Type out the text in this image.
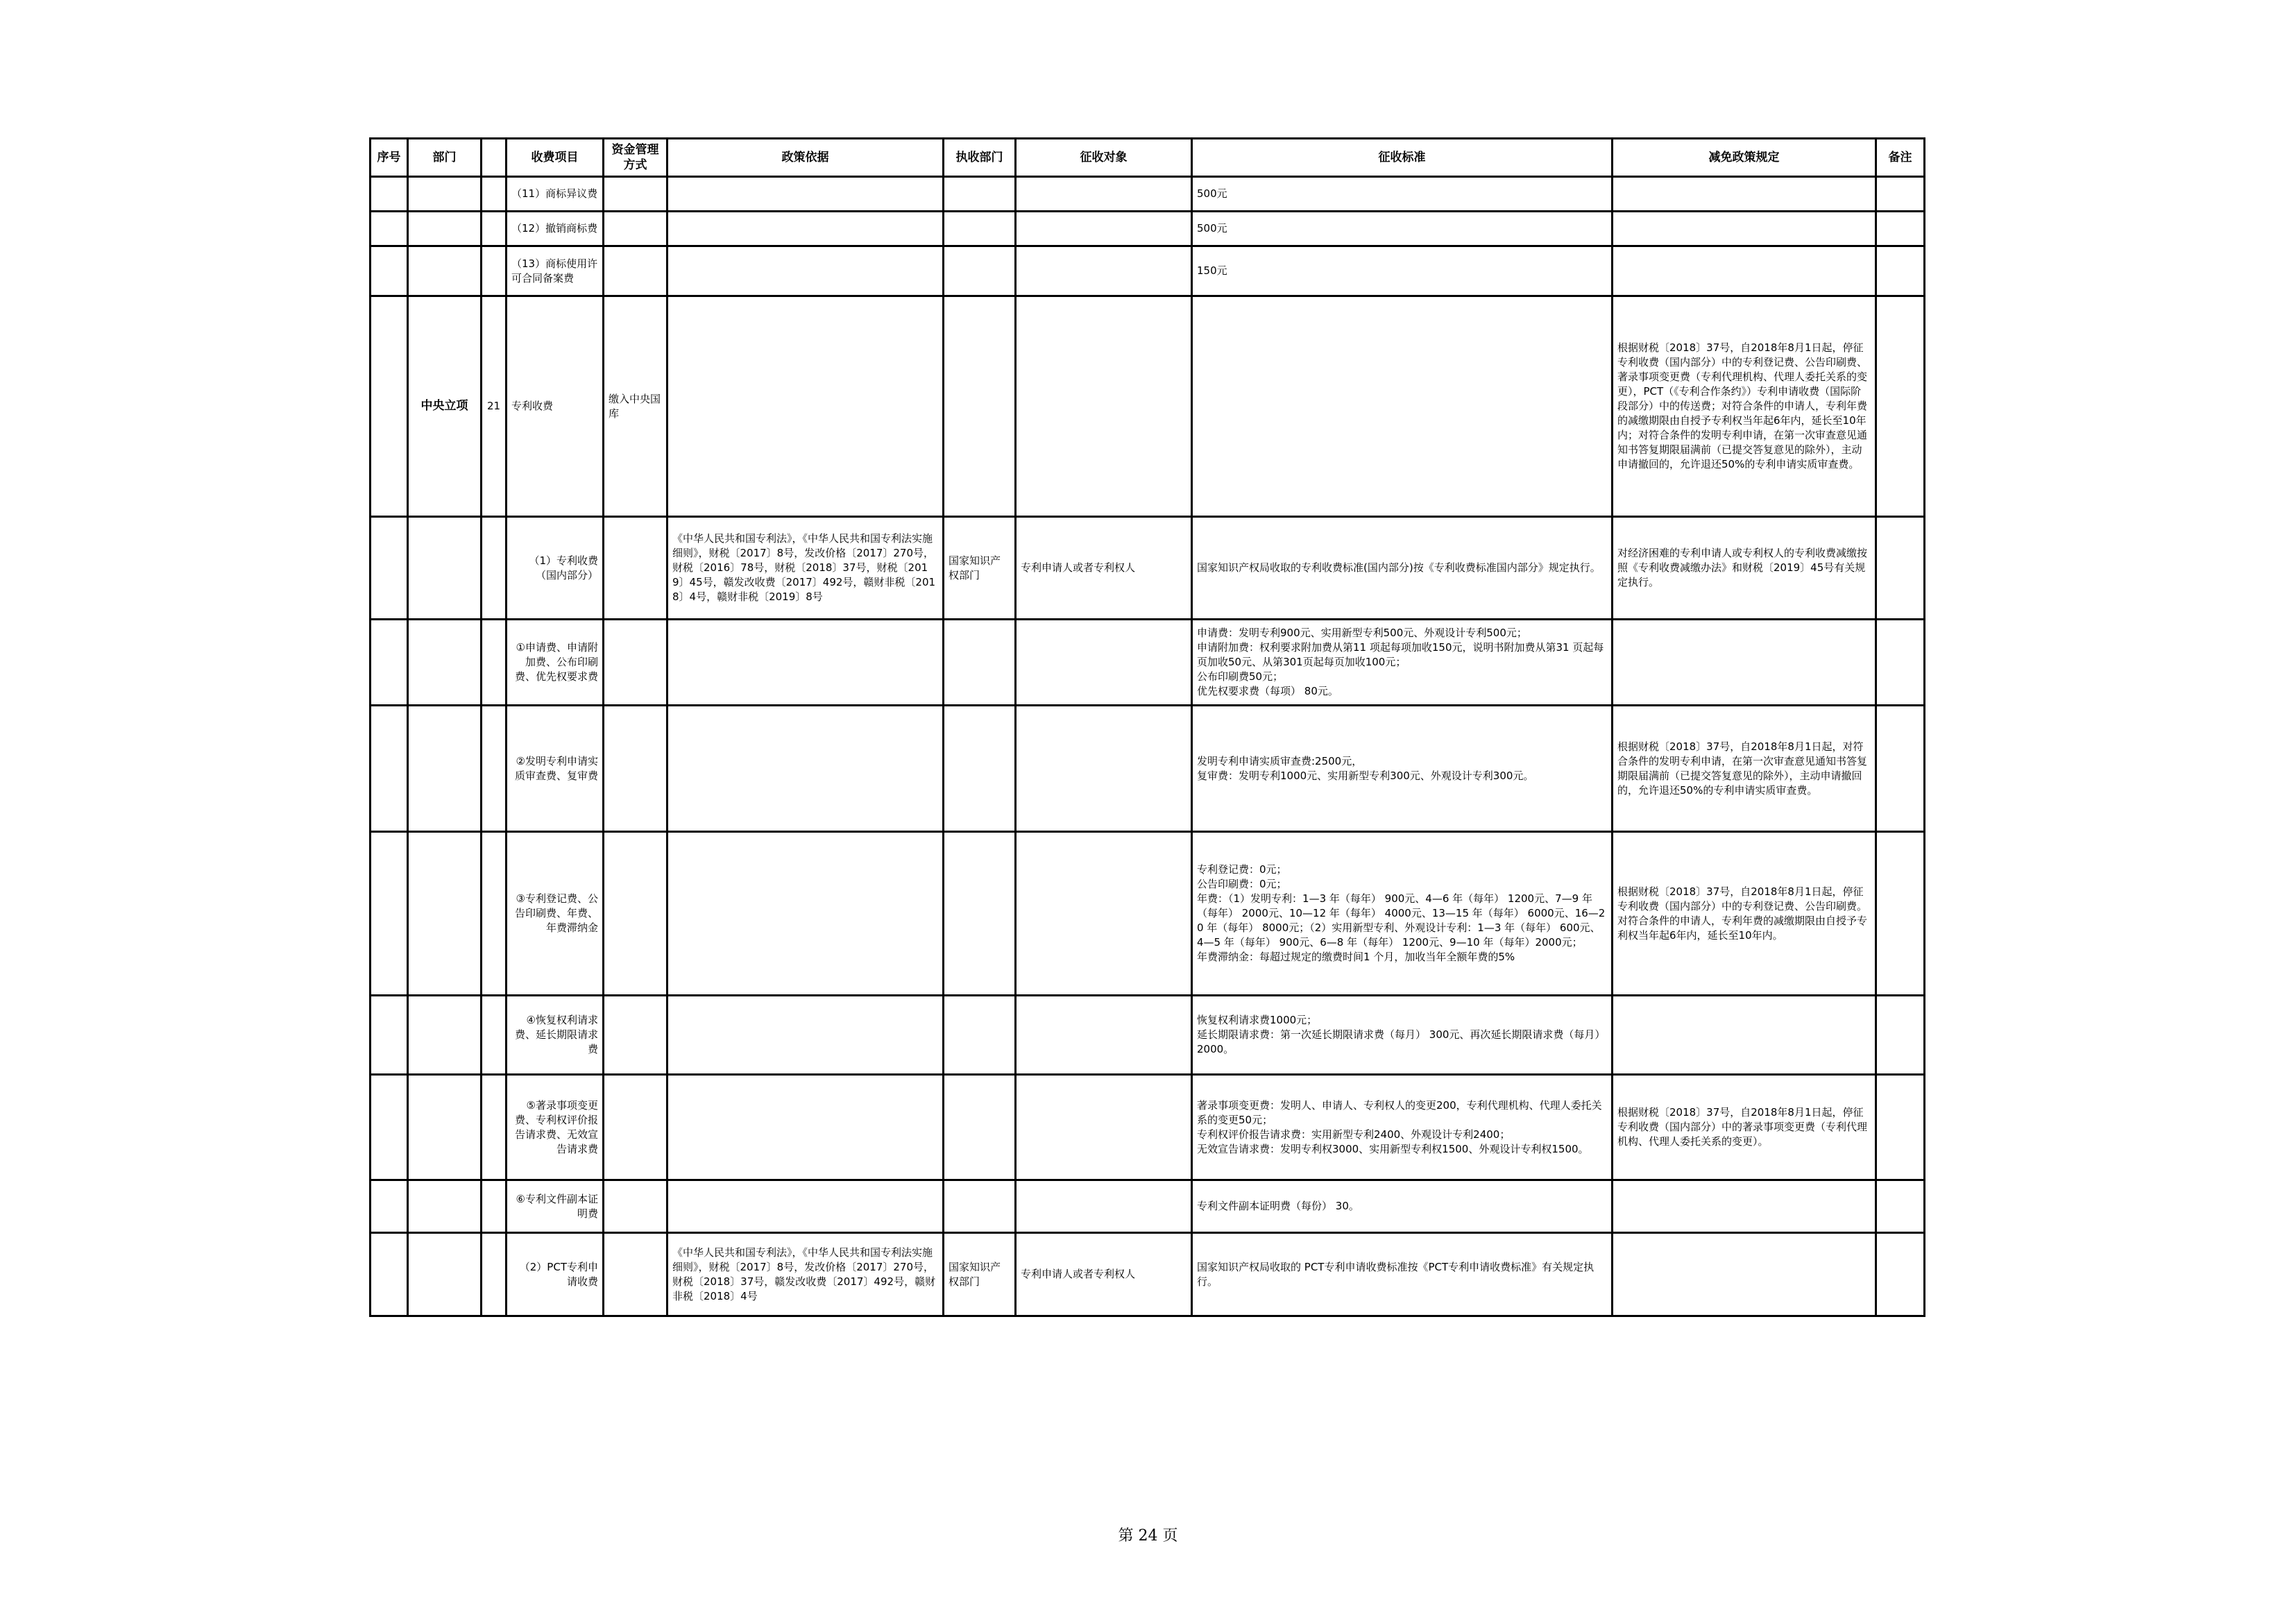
序号	部门		收费项目	资金管理方式	政策依据	执收部门	征收对象	征收标准	减免政策规定	备注
			（11）商标异议费					500元		
			（12）撤销商标费					500元		
			（13）商标使用许可合同备案费					150元		
	中央立项	21	专利收费	缴入中央国库					根据财税〔2018〕37号，自2018年8月1日起，停征专利收费（国内部分）中的专利登记费、公告印刷费、著录事项变更费（专利代理机构、代理人委托关系的变更），PCT（《专利合作条约》）专利申请收费（国际阶段部分）中的传送费；对符合条件的申请人，专利年费的减缴期限由自授予专利权当年起6年内，延长至10年内；对符合条件的发明专利申请，在第一次审查意见通知书答复期限届满前（已提交答复意见的除外），主动申请撤回的，允许退还50%的专利申请实质审查费。	
			（1）专利收费（国内部分）		《中华人民共和国专利法》，《中华人民共和国专利法实施细则》，财税〔2017〕8号，发改价格〔2017〕270号，财税〔2016〕78号，财税〔2018〕37号，财税〔2019〕45号，赣发改收费〔2017〕492号，赣财非税〔2018〕4号，赣财非税〔2019〕8号	国家知识产权部门	专利申请人或者专利权人	国家知识产权局收取的专利收费标准(国内部分)按《专利收费标准国内部分》规定执行。	对经济困难的专利申请人或专利权人的专利收费减缴按照《专利收费减缴办法》和财税〔2019〕45号有关规定执行。	
			①申请费、申请附加费、公布印刷费、优先权要求费					申请费：发明专利900元、实用新型专利500元、外观设计专利500元；
申请附加费：权利要求附加费从第11 项起每项加收150元，说明书附加费从第31 页起每页加收50元、从第301页起每页加收100元；
公布印刷费50元；
优先权要求费（每项） 80元。		
			②发明专利申请实质审查费、复审费					发明专利申请实质审查费:2500元，
复审费：发明专利1000元、实用新型专利300元、外观设计专利300元。	根据财税〔2018〕37号，自2018年8月1日起，对符合条件的发明专利申请，在第一次审查意见通知书答复期限届满前（已提交答复意见的除外），主动申请撤回的，允许退还50%的专利申请实质审查费。	
			③专利登记费、公告印刷费、年费、年费滞纳金					专利登记费：0元；
公告印刷费：0元；
年费：（1）发明专利：1—3 年（每年） 900元、4—6 年（每年） 1200元、7—9 年（每年） 2000元、10—12 年（每年） 4000元、13—15 年（每年） 6000元、16—20 年（每年） 8000元；（2）实用新型专利、外观设计专利：1—3 年（每年） 600元、4—5 年（每年） 900元、6—8 年（每年） 1200元、9—10 年（每年）2000元；
年费滞纳金：每超过规定的缴费时间1 个月，加收当年全额年费的5%	根据财税〔2018〕37号，自2018年8月1日起，停征专利收费（国内部分）中的专利登记费、公告印刷费。对符合条件的申请人，专利年费的减缴期限由自授予专利权当年起6年内，延长至10年内。	
			④恢复权利请求费、延长期限请求费					恢复权利请求费1000元；
延长期限请求费：第一次延长期限请求费（每月） 300元、再次延长期限请求费（每月） 2000。		
			⑤著录事项变更费、专利权评价报告请求费、无效宣告请求费					著录事项变更费：发明人、申请人、专利权人的变更200，专利代理机构、代理人委托关系的变更50元；
专利权评价报告请求费：实用新型专利2400、外观设计专利2400；
无效宣告请求费：发明专利权3000、实用新型专利权1500、外观设计专利权1500。	根据财税〔2018〕37号，自2018年8月1日起，停征专利收费（国内部分）中的著录事项变更费（专利代理机构、代理人委托关系的变更）。	
			⑥专利文件副本证明费					专利文件副本证明费（每份） 30。		
			（2）PCT专利申请收费		《中华人民共和国专利法》，《中华人民共和国专利法实施细则》，财税〔2017〕8号，发改价格〔2017〕270号，财税〔2018〕37号，赣发改收费〔2017〕492号，赣财非税〔2018〕4号	国家知识产权部门	专利申请人或者专利权人	国家知识产权局收取的 PCT专利申请收费标准按《PCT专利申请收费标准》有关规定执行。		
第 24 页
